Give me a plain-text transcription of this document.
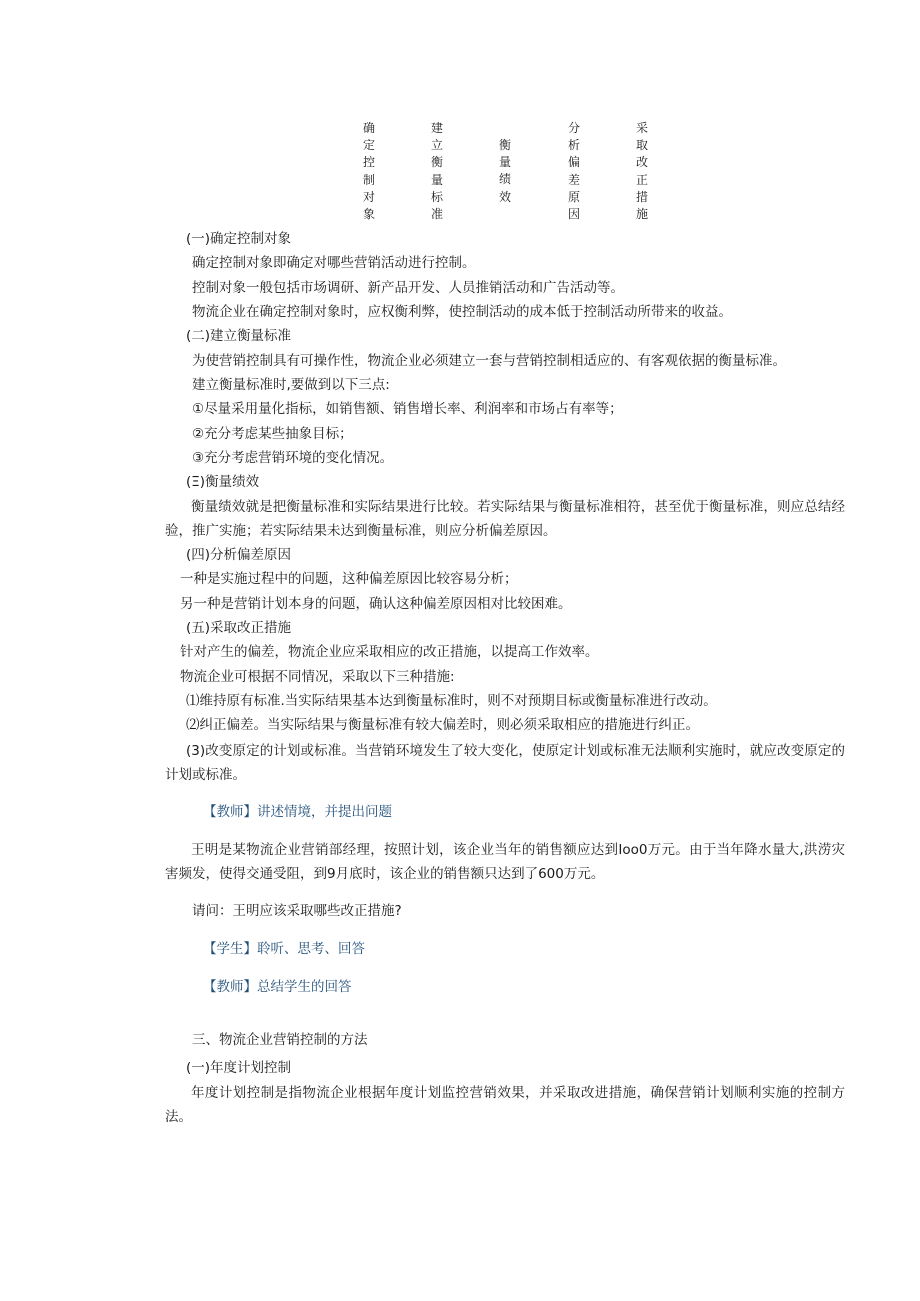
确定控制对象
建立衡量标准
衡量绩效
分析偏差原因
采取改正措施
(一)确定控制对象
确定控制对象即确定对哪些营销活动进行控制。
控制对象一般包括市场调研、新产品开发、人员推销活动和广告活动等。
物流企业在确定控制对象时，应权衡利弊，使控制活动的成本低于控制活动所带来的收益。
(二)建立衡量标准
为使营销控制具有可操作性，物流企业必须建立一套与营销控制相适应的、有客观依据的衡量标准。
建立衡量标准时,要做到以下三点:
①尽量采用量化指标，如销售额、销售增长率、利润率和市场占有率等；
②充分考虑某些抽象目标；
③充分考虑营销环境的变化情况。
(Ξ)衡量绩效
衡量绩效就是把衡量标准和实际结果进行比较。若实际结果与衡量标准相符，甚至优于衡量标准，则应总结经验，推广实施；若实际结果未达到衡量标准，则应分析偏差原因。
(四)分析偏差原因
一种是实施过程中的问题，这种偏差原因比较容易分析；
另一种是营销计划本身的问题，确认这种偏差原因相对比较困难。
(五)采取改正措施
针对产生的偏差，物流企业应采取相应的改正措施，以提高工作效率。
物流企业可根据不同情况，采取以下三种措施:
⑴维持原有标准.当实际结果基本达到衡量标准时，则不对预期目标或衡量标准进行改动。
⑵纠正偏差。当实际结果与衡量标准有较大偏差时，则必须采取相应的措施进行纠正。
(3)改变原定的计划或标准。当营销环境发生了较大变化，使原定计划或标准无法顺利实施时，就应改变原定的计划或标准。
【教师】讲述情境，并提出问题
王明是某物流企业营销部经理，按照计划，该企业当年的销售额应达到Ioo0万元。由于当年降水量大,洪涝灾害频发，使得交通受阻，到9月底时，该企业的销售额只达到了600万元。
请问：王明应该采取哪些改正措施?
【学生】聆听、思考、回答
【教师】总结学生的回答
三、物流企业营销控制的方法
(一)年度计划控制
年度计划控制是指物流企业根据年度计划监控营销效果，并采取改进措施，确保营销计划顺利实施的控制方法。
